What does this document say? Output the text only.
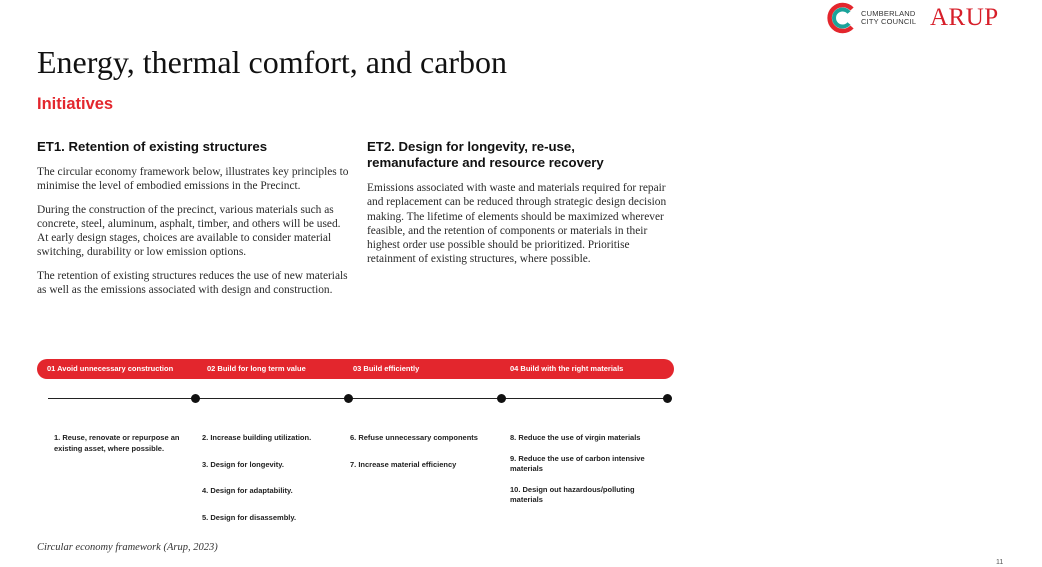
CUMBERLAND
CITY COUNCIL ARUP
Energy, thermal comfort, and carbon
Initiatives
ET1. Retention of existing structures

The circular economy framework below, illustrates key principles to minimise the level of embodied emissions in the Precinct.

During the construction of the precinct, various materials such as concrete, steel, aluminum, asphalt, timber, and others will be used. At early design stages, choices are available to consider material switching, durability or low emission options.

The retention of existing structures reduces the use of new materials as well as the emissions associated with design and construction.

ET2. Design for longevity, re-use, remanufacture and resource recovery

Emissions associated with waste and materials required for repair and replacement can be reduced through strategic design decision making. The lifetime of elements should be maximized wherever feasible, and the retention of components or materials in their highest order use possible should be prioritized. Prioritise retainment of existing structures, where possible.

01 Avoid unnecessary construction	02 Build for long term value	03 Build efficiently	04 Build with the right materials
1. Reuse, renovate or repurpose an existing asset, where possible.
2. Increase building utilization.
3. Design for longevity.
4. Design for adaptability.
5. Design for disassembly.
6. Refuse unnecessary components
7. Increase material efficiency
8. Reduce the use of virgin materials
9. Reduce the use of carbon intensive materials
10. Design out hazardous/polluting materials

Circular economy framework (Arup, 2023)

11
